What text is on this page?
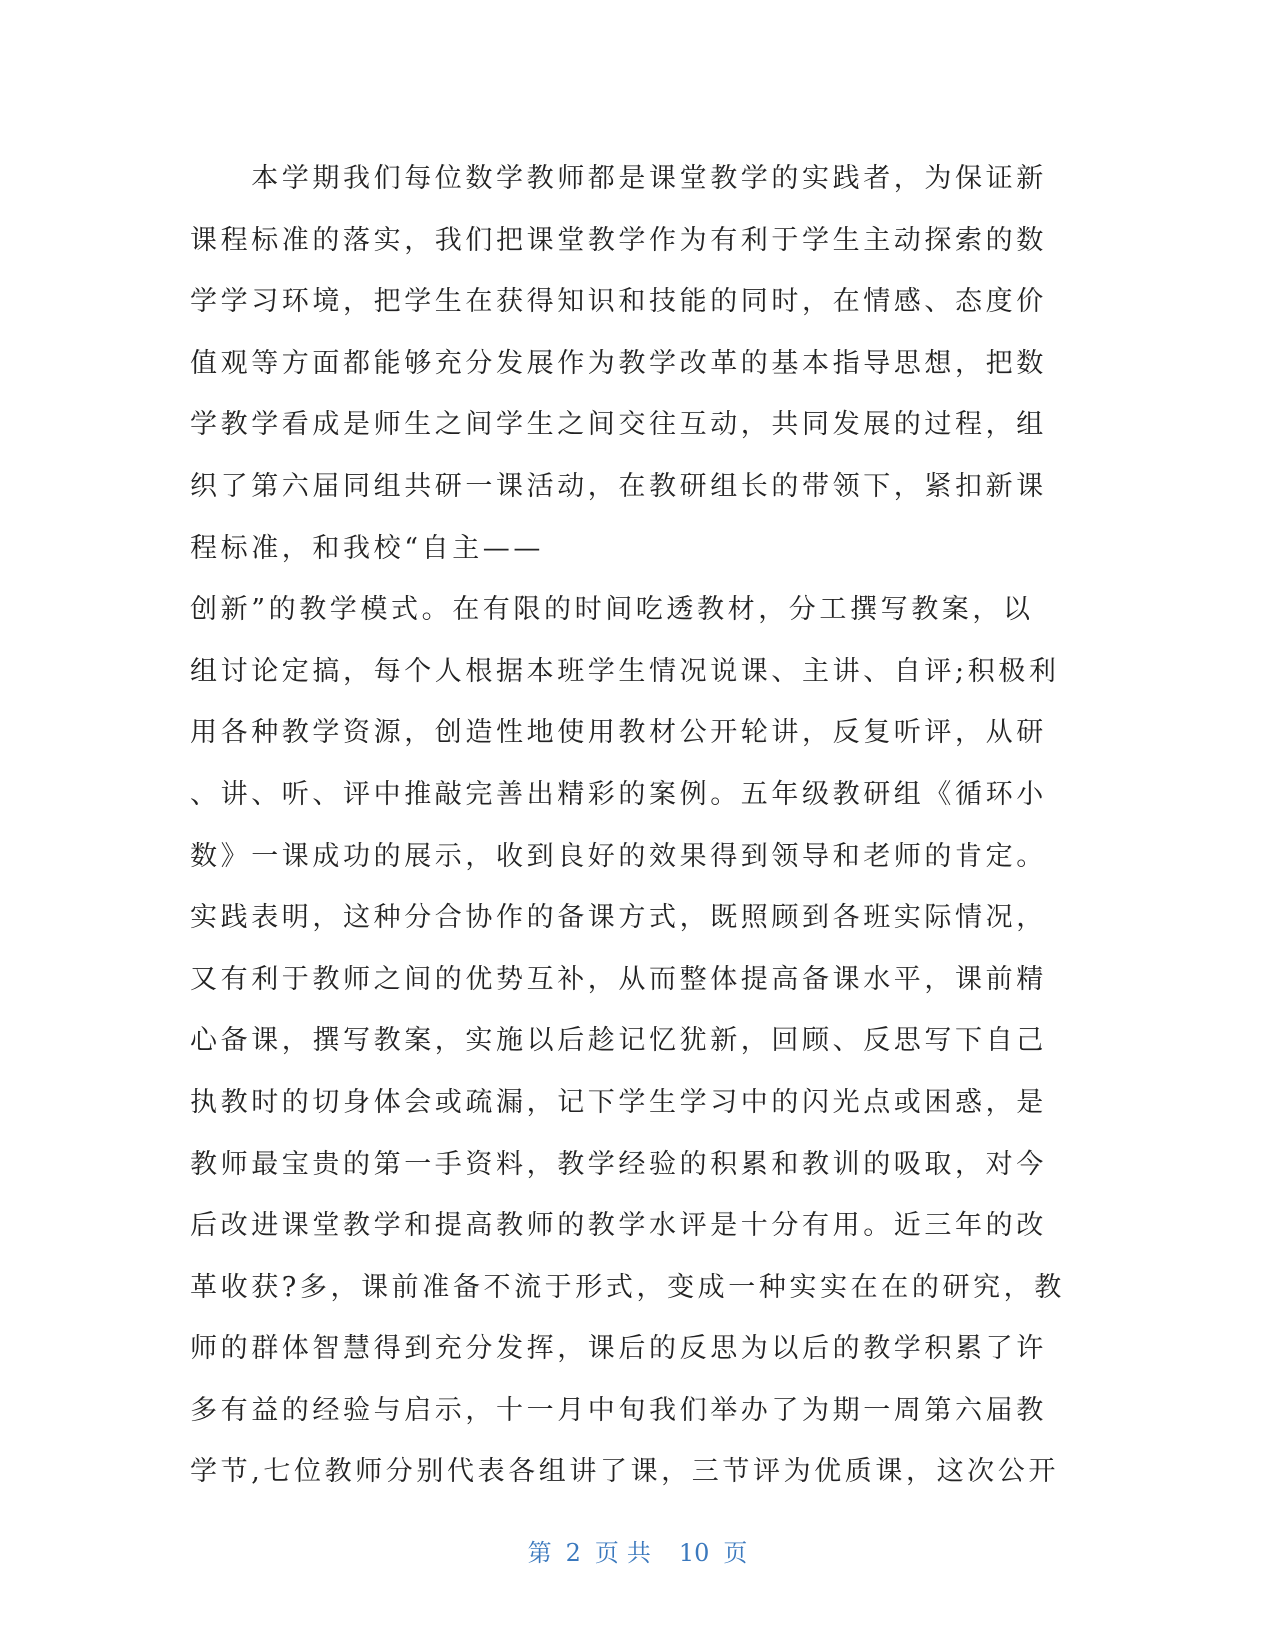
　　本学期我们每位数学教师都是课堂教学的实践者，为保证新
课程标准的落实，我们把课堂教学作为有利于学生主动探索的数
学学习环境，把学生在获得知识和技能的同时，在情感、态度价
值观等方面都能够充分发展作为教学改革的基本指导思想，把数
学教学看成是师生之间学生之间交往互动，共同发展的过程，组
织了第六届同组共研一课活动，在教研组长的带领下，紧扣新课
程标准，和我校“自主——
创新”的教学模式。在有限的时间吃透教材，分工撰写教案，以
组讨论定搞，每个人根据本班学生情况说课、主讲、自评;积极利
用各种教学资源，创造性地使用教材公开轮讲，反复听评，从研
、讲、听、评中推敲完善出精彩的案例。五年级教研组《循环小
数》一课成功的展示，收到良好的效果得到领导和老师的肯定。
实践表明，这种分合协作的备课方式，既照顾到各班实际情况，
又有利于教师之间的优势互补，从而整体提高备课水平，课前精
心备课，撰写教案，实施以后趁记忆犹新，回顾、反思写下自己
执教时的切身体会或疏漏，记下学生学习中的闪光点或困惑，是
教师最宝贵的第一手资料，教学经验的积累和教训的吸取，对今
后改进课堂教学和提高教师的教学水评是十分有用。近三年的改
革收获?多，课前准备不流于形式，变成一种实实在在的研究，教
师的群体智慧得到充分发挥，课后的反思为以后的教学积累了许
多有益的经验与启示，十一月中旬我们举办了为期一周第六届教
学节,七位教师分别代表各组讲了课，三节评为优质课，这次公开
第 2 页 共 10 页
